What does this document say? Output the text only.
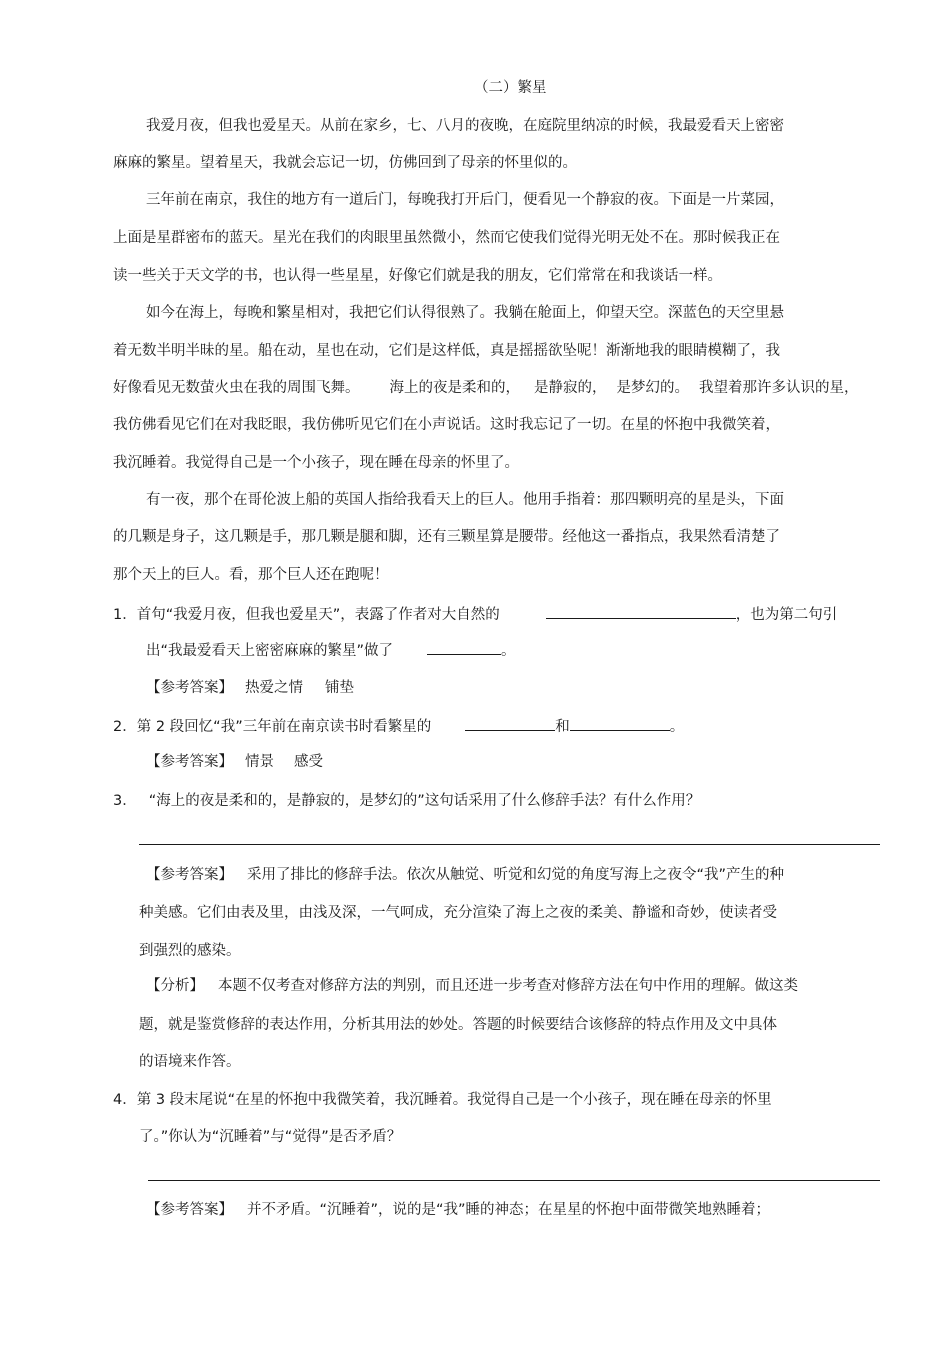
（二）繁星
我爱月夜，但我也爱星天。从前在家乡，七、八月的夜晚，在庭院里纳凉的时候，我最爱看天上密密
麻麻的繁星。望着星天，我就会忘记一切，仿佛回到了母亲的怀里似的。
三年前在南京，我住的地方有一道后门，每晚我打开后门，便看见一个静寂的夜。下面是一片菜园，
上面是星群密布的蓝天。星光在我们的肉眼里虽然微小，然而它使我们觉得光明无处不在。那时候我正在
读一些关于天文学的书，也认得一些星星，好像它们就是我的朋友，它们常常在和我谈话一样。
如今在海上，每晚和繁星相对，我把它们认得很熟了。我躺在舱面上，仰望天空。深蓝色的天空里悬
着无数半明半昧的星。船在动，星也在动，它们是这样低，真是摇摇欲坠呢！渐渐地我的眼睛模糊了，我
好像看见无数萤火虫在我的周围飞舞。 海上的夜是柔和的， 是静寂的， 是梦幻的。 我望着那许多认识的星，
我仿佛看见它们在对我眨眼，我仿佛听见它们在小声说话。这时我忘记了一切。在星的怀抱中我微笑着，
我沉睡着。我觉得自己是一个小孩子，现在睡在母亲的怀里了。
有一夜，那个在哥伦波上船的英国人指给我看天上的巨人。他用手指着：那四颗明亮的星是头，下面
的几颗是身子，这几颗是手，那几颗是腿和脚，还有三颗星算是腰带。经他这一番指点，我果然看清楚了
那个天上的巨人。看，那个巨人还在跑呢！
1．首句“我爱月夜，但我也爱星天”，表露了作者对大自然的	，也为第二句引
出“我最爱看天上密密麻麻的繁星”做了	。
【参考答案】 热爱之情 铺垫
2．第 2 段回忆“我”三年前在南京读书时看繁星的	和	。
【参考答案】 情景 感受
3． “海上的夜是柔和的，是静寂的，是梦幻的”这句话采用了什么修辞手法？有什么作用？
【参考答案】 采用了排比的修辞手法。依次从触觉、听觉和幻觉的角度写海上之夜令“我”产生的种
种美感。它们由表及里，由浅及深，一气呵成，充分渲染了海上之夜的柔美、静谧和奇妙，使读者受
到强烈的感染。
【分析】 本题不仅考查对修辞方法的判别，而且还进一步考查对修辞方法在句中作用的理解。做这类
题，就是鉴赏修辞的表达作用，分析其用法的妙处。答题的时候要结合该修辞的特点作用及文中具体
的语境来作答。
4．第 3 段末尾说“在星的怀抱中我微笑着，我沉睡着。我觉得自己是一个小孩子，现在睡在母亲的怀里
了。”你认为“沉睡着”与“觉得”是否矛盾？
【参考答案】 并不矛盾。“沉睡着”，说的是“我”睡的神态；在星星的怀抱中面带微笑地熟睡着；
